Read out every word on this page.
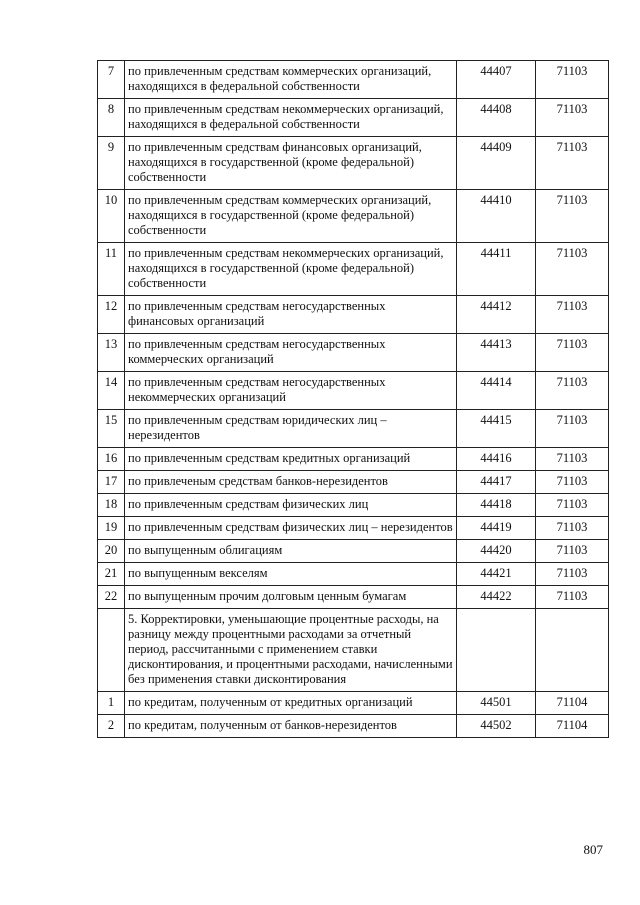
7	по привлеченным средствам коммерческих организаций, находящихся в федеральной собственности	44407	71103
8	по привлеченным средствам некоммерческих организаций, находящихся в федеральной собственности	44408	71103
9	по привлеченным средствам финансовых организаций, находящихся в государственной (кроме федеральной) собственности	44409	71103
10	по привлеченным средствам коммерческих организаций, находящихся в государственной (кроме федеральной) собственности	44410	71103
11	по привлеченным средствам некоммерческих организаций, находящихся в государственной (кроме федеральной) собственности	44411	71103
12	по привлеченным средствам негосударственных финансовых организаций	44412	71103
13	по привлеченным средствам негосударственных коммерческих организаций	44413	71103
14	по привлеченным средствам негосударственных некоммерческих организаций	44414	71103
15	по привлеченным средствам юридических лиц – нерезидентов	44415	71103
16	по привлеченным средствам кредитных организаций	44416	71103
17	по привлеченым средствам банков-нерезидентов	44417	71103
18	по привлеченным средствам физических лиц	44418	71103
19	по привлеченным средствам физических лиц – нерезидентов	44419	71103
20	по выпущенным облигациям	44420	71103
21	по выпущенным векселям	44421	71103
22	по выпущенным прочим долговым ценным бумагам	44422	71103
	5. Корректировки, уменьшающие процентные расходы, на разницу между процентными расходами за отчетный период, рассчитанными с применением ставки дисконтирования, и процентными расходами, начисленными без применения ставки дисконтирования		
1	по кредитам, полученным от кредитных организаций	44501	71104
2	по кредитам, полученным от банков-нерезидентов	44502	71104
807
